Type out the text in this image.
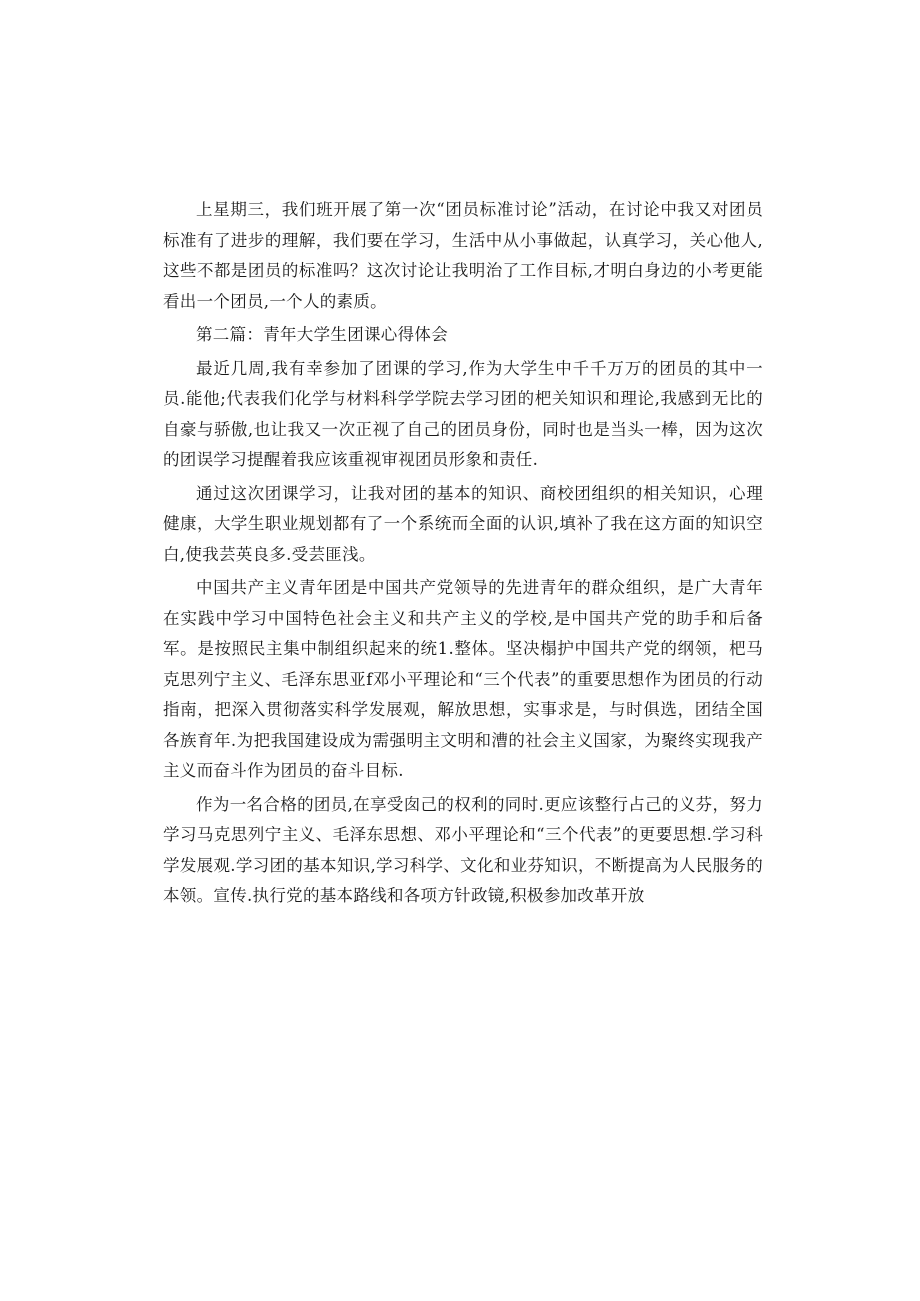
上星期三，我们班开展了第一次“团员标准讨论”活动，在讨论中我又对团员标准有了进步的理解，我们要在学习，生活中从小事做起，认真学习，关心他人,这些不都是团员的标准吗？这次讨论让我明治了工作目标,才明白身边的小考更能看出一个团员,一个人的素质。

第二篇：青年大学生团课心得体会

最近几周,我有幸参加了团课的学习,作为大学生中千千万万的团员的其中一员.能他;代表我们化学与材料科学学院去学习团的杷关知识和理论,我感到无比的自豪与骄傲,也让我又一次正视了自己的团员身份，同时也是当头一棒，因为这次的团误学习提醒着我应该重视审视团员形象和责任.

通过这次团课学习，让我对团的基本的知识、商校团组织的相关知识，心理健康，大学生职业规划都有了一个系统而全面的认识,填补了我在这方面的知识空白,使我芸英良多.受芸匪浅。

中国共产主义青年团是中国共产党领导的先进青年的群众组织，是广大青年在实践中学习中国特色社会主义和共产主义的学校,是中国共产党的助手和后备军。是按照民主集中制组织起来的统1.整体。坚决榻护中国共产党的纲领，杷马克思列宁主义、毛泽东思亚f邓小平理论和“三个代表”的重要思想作为团员的行动指南，把深入贯彻落实科学发展观，解放思想，实事求是，与时俱选，团结全国各族育年.为把我国建设成为需强明主文明和漕的社会主义国家，为聚终实现我产主义而奋斗作为团员的奋斗目标.

作为一名合格的团员,在享受囱己的权利的同时.更应该整行占己的义芬，努力学习马克思列宁主义、毛泽东思想、邓小平理论和“三个代表”的更要思想.学习科学发展观.学习团的基本知识,学习科学、文化和业芬知识，不断提高为人民服务的本领。宣传.执行党的基本路线和各项方针政镜,积极参加改革开放
